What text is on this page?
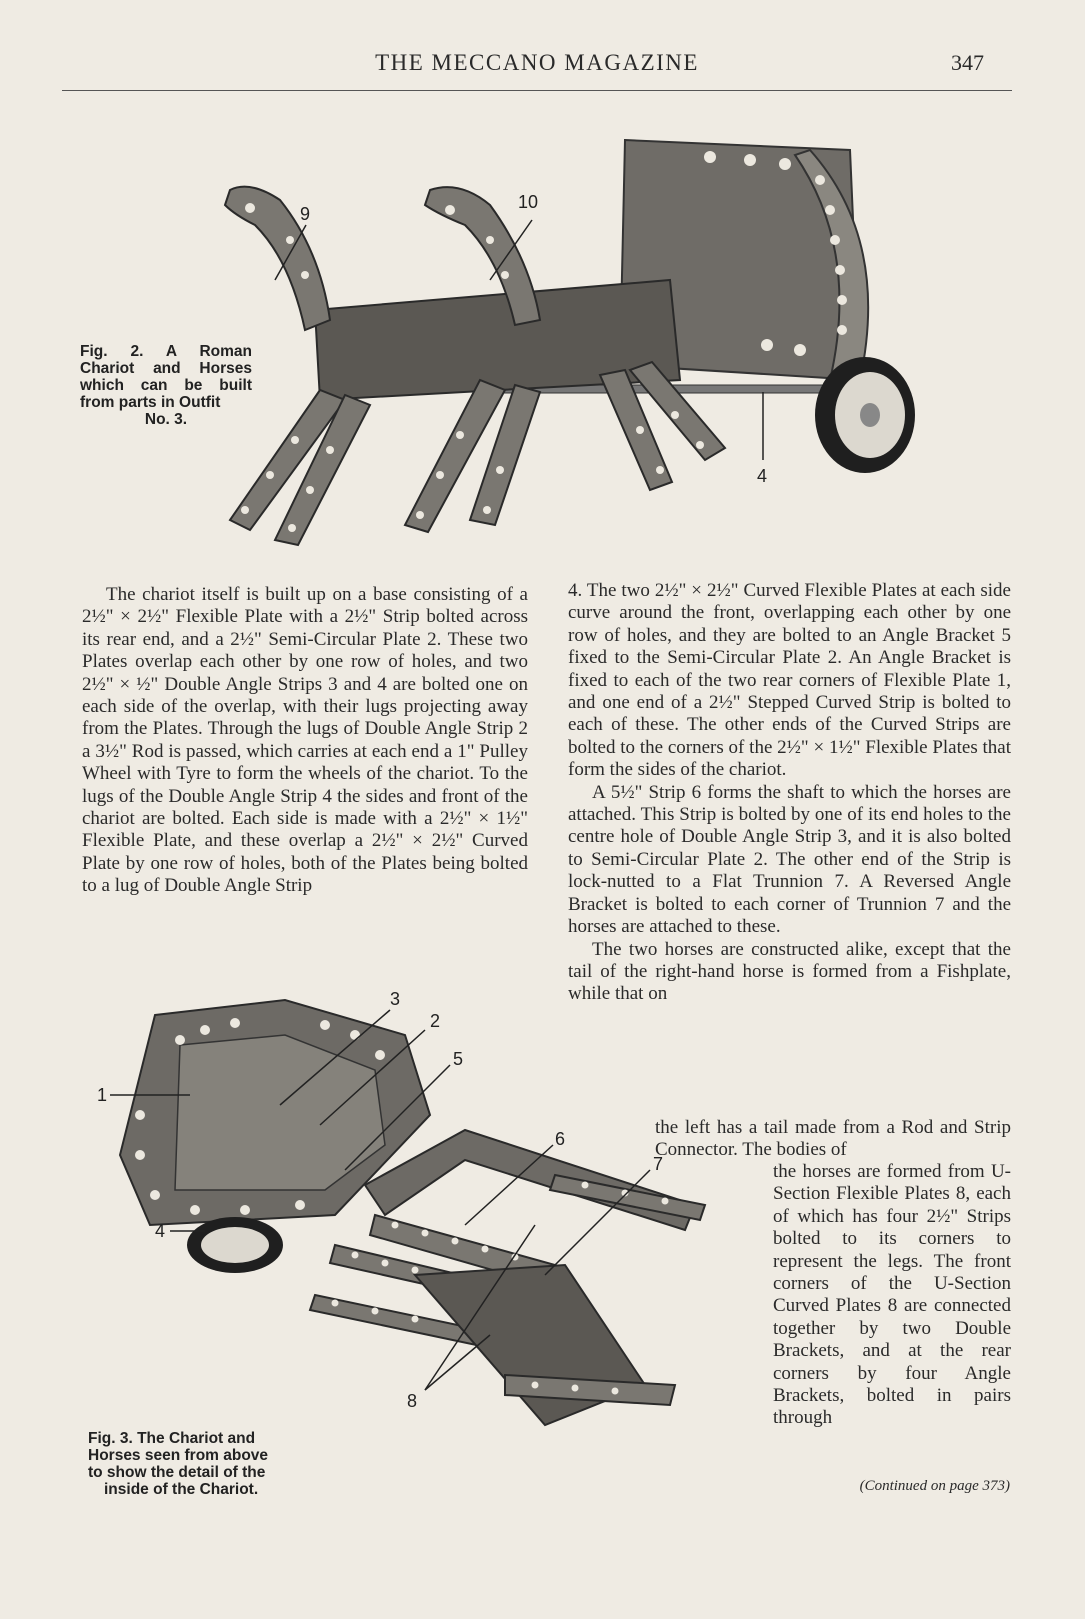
THE MECCANO MAGAZINE	347
9
10
4
Fig. 2. A Roman Chariot and Horses which can be built from parts in Outfit
No. 3.

The chariot itself is built up on a base consisting of a 2½" × 2½" Flexible Plate with a 2½" Strip bolted across its rear end, and a 2½" Semi-Circular Plate 2. These two Plates overlap each other by one row of holes, and two 2½" × ½" Double Angle Strips 3 and 4 are bolted one on each side of the overlap, with their lugs projecting away from the Plates. Through the lugs of Double Angle Strip 2 a 3½" Rod is passed, which carries at each end a 1" Pulley Wheel with Tyre to form the wheels of the chariot. To the lugs of the Double Angle Strip 4 the sides and front of the chariot are bolted. Each side is made with a 2½" × 1½" Flexible Plate, and these overlap a 2½" × 2½" Curved Plate by one row of holes, both of the Plates being bolted to a lug of Double Angle Strip

4. The two 2½" × 2½" Curved Flexible Plates at each side curve around the front, overlapping each other by one row of holes, and they are bolted to an Angle Bracket 5 fixed to the Semi-Circular Plate 2. An Angle Bracket is fixed to each of the two rear corners of Flexible Plate 1, and one end of a 2½" Stepped Curved Strip is bolted to each of these. The other ends of the Curved Strips are bolted to the corners of the 2½" × 1½" Flexible Plates that form the sides of the chariot.

A 5½" Strip 6 forms the shaft to which the horses are attached. This Strip is bolted by one of its end holes to the centre hole of Double Angle Strip 3, and it is also bolted to Semi-Circular Plate 2. The other end of the Strip is lock-nutted to a Flat Trunnion 7. A Reversed Angle Bracket is bolted to each corner of Trunnion 7 and the horses are attached to these.

The two horses are constructed alike, except that the tail of the right-hand horse is formed from a Fishplate, while that on

the left has a tail made from a Rod and Strip Connector. The bodies of
the horses are formed from U-Section Flexible Plates 8, each of which has four 2½" Strips bolted to its corners to represent the legs. The front corners of the U-Section Curved Plates 8 are connected together by two Double Brackets, and at the rear corners by four Angle Brackets, bolted in pairs through
3
2
5
1
6
7
4
8
Fig. 3. The Chariot and
Horses seen from above
to show the detail of the

inside of the Chariot.	(Continued on page 373)
